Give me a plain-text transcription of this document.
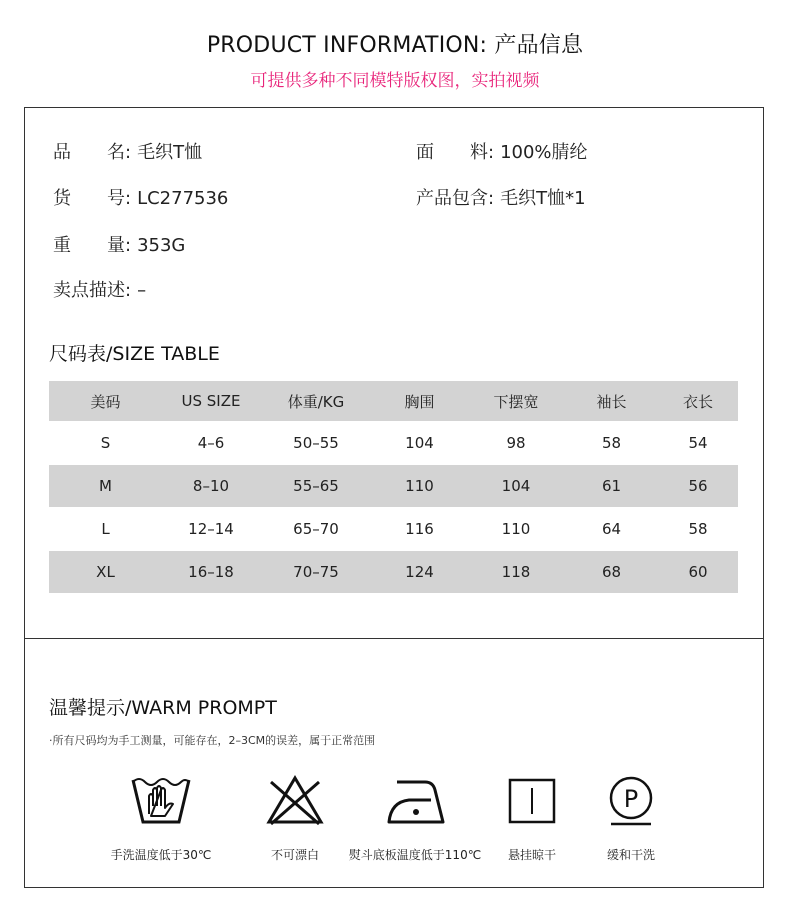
PRODUCT INFORMATION: 产品信息
可提供多种不同模特版权图，实拍视频
品　　名: 毛织T恤	面　　料: 100%腈纶
货　　号: LC277536	产品包含: 毛织T恤*1
重　　量: 353G
卖点描述: –
尺码表/SIZE TABLE
美码	US SIZE	体重/KG	胸围	下摆宽	袖长	衣长
S	4–6	50–55	104	98	58	54
M	8–10	55–65	110	104	61	56
L	12–14	65–70	116	110	64	58
XL	16–18	70–75	124	118	68	60
温馨提示/WARM PROMPT
·所有尺码均为手工测量，可能存在，2–3CM的误差，属于正常范围
手洗温度低于30℃	不可漂白	熨斗底板温度低于110℃	悬挂晾干
P
缓和干洗
